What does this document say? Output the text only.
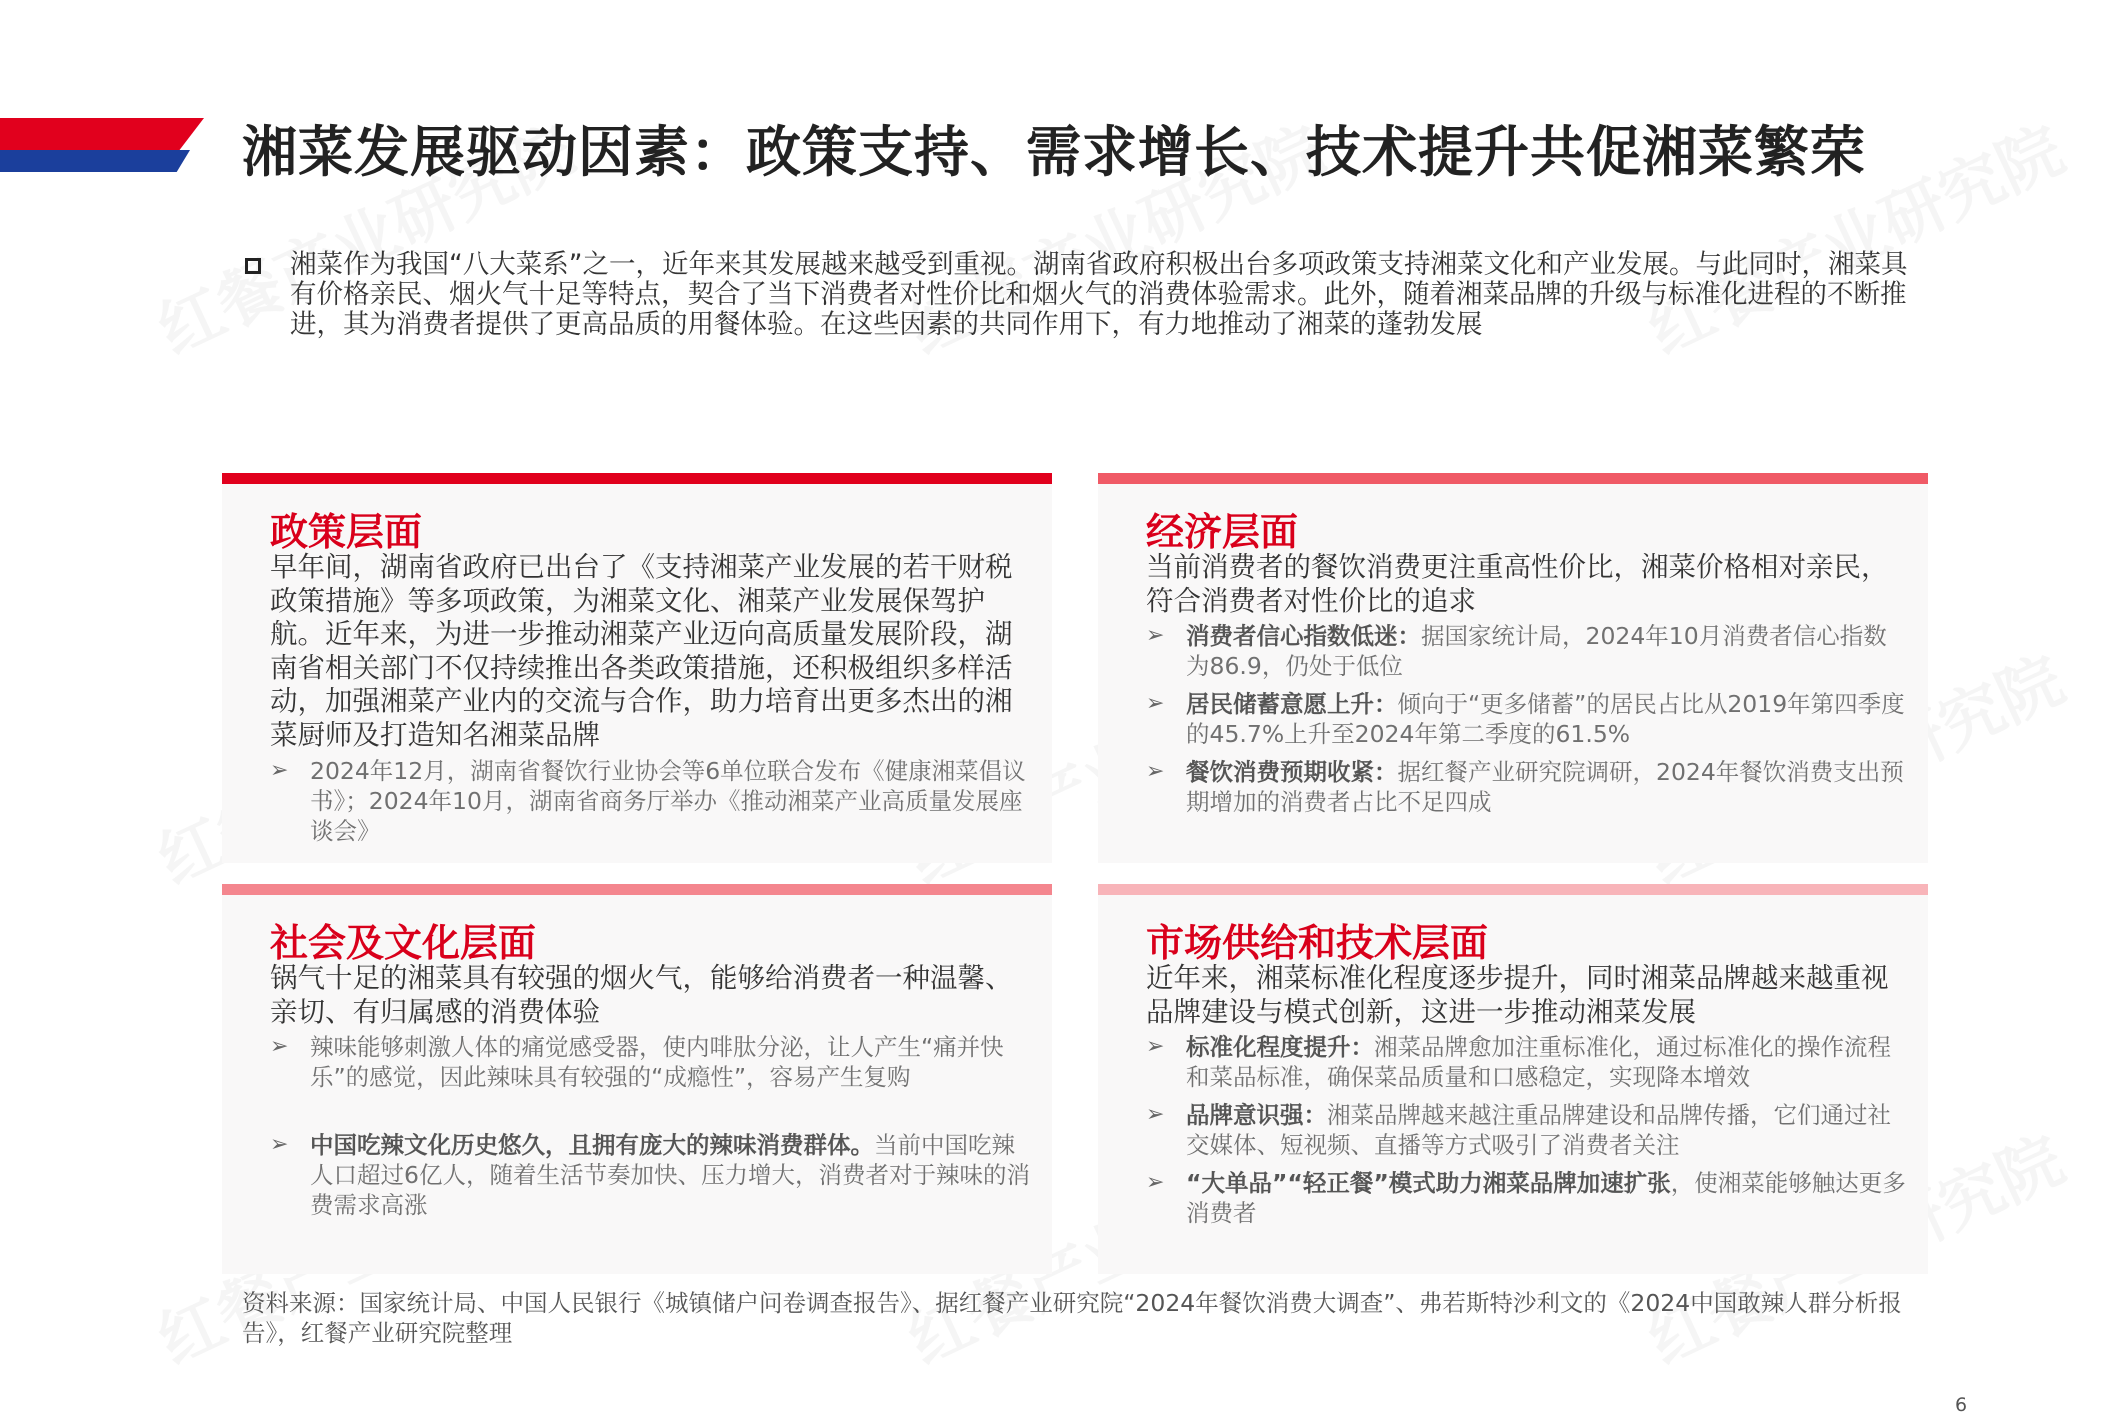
湘菜发展驱动因素：政策支持、需求增长、技术提升共促湘菜繁荣
湘菜作为我国“八大菜系”之一，近年来其发展越来越受到重视。湖南省政府积极出台多项政策支持湘菜文化和产业发展。与此同时，湘菜具有价格亲民、烟火气十足等特点，契合了当下消费者对性价比和烟火气的消费体验需求。此外，随着湘菜品牌的升级与标准化进程的不断推进，其为消费者提供了更高品质的用餐体验。在这些因素的共同作用下，有力地推动了湘菜的蓬勃发展
政策层面
早年间，湖南省政府已出台了《支持湘菜产业发展的若干财税政策措施》等多项政策，为湘菜文化、湘菜产业发展保驾护航。近年来，为进一步推动湘菜产业迈向高质量发展阶段，湖南省相关部门不仅持续推出各类政策措施，还积极组织多样活动，加强湘菜产业内的交流与合作，助力培育出更多杰出的湘菜厨师及打造知名湘菜品牌
➢ 2024年12月，湖南省餐饮行业协会等6单位联合发布《健康湘菜倡议书》；2024年10月，湖南省商务厅举办《推动湘菜产业高质量发展座谈会》
经济层面
当前消费者的餐饮消费更注重高性价比，湘菜价格相对亲民，符合消费者对性价比的追求
➢ 消费者信心指数低迷：据国家统计局，2024年10月消费者信心指数为86.9，仍处于低位
➢ 居民储蓄意愿上升：倾向于“更多储蓄”的居民占比从2019年第四季度的45.7%上升至2024年第二季度的61.5%
➢ 餐饮消费预期收紧：据红餐产业研究院调研，2024年餐饮消费支出预期增加的消费者占比不足四成
社会及文化层面
锅气十足的湘菜具有较强的烟火气，能够给消费者一种温馨、亲切、有归属感的消费体验
➢ 辣味能够刺激人体的痛觉感受器，使内啡肽分泌，让人产生“痛并快乐”的感觉，因此辣味具有较强的“成瘾性”，容易产生复购
➢ 中国吃辣文化历史悠久，且拥有庞大的辣味消费群体。当前中国吃辣人口超过6亿人，随着生活节奏加快、压力增大，消费者对于辣味的消费需求高涨
市场供给和技术层面
近年来，湘菜标准化程度逐步提升，同时湘菜品牌越来越重视品牌建设与模式创新，这进一步推动湘菜发展
➢ 标准化程度提升：湘菜品牌愈加注重标准化，通过标准化的操作流程和菜品标准，确保菜品质量和口感稳定，实现降本增效
➢ 品牌意识强：湘菜品牌越来越注重品牌建设和品牌传播，它们通过社交媒体、短视频、直播等方式吸引了消费者关注
➢ “大单品”“轻正餐”模式助力湘菜品牌加速扩张，使湘菜能够触达更多消费者
资料来源：国家统计局、中国人民银行《城镇储户问卷调查报告》、据红餐产业研究院“2024年餐饮消费大调查”、弗若斯特沙利文的《2024中国敢辣人群分析报告》，红餐产业研究院整理
6
